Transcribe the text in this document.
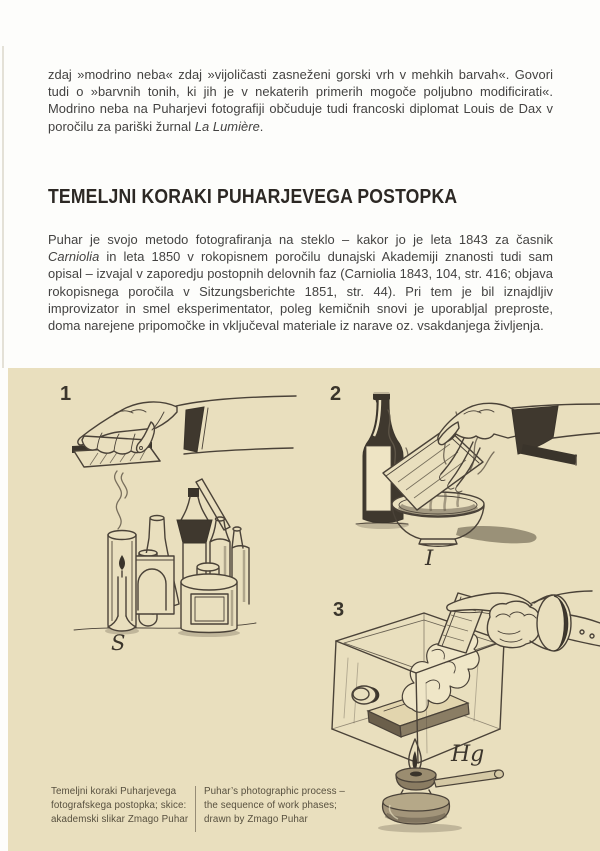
zdaj »modrino neba« zdaj »vijoličasti zasneženi gorski vrh v mehkih barvah«. Govori tudi o »barvnih tonih, ki jih je v nekaterih primerih mogoče poljubno modificirati«. Modrino neba na Puharjevi fotografiji občuduje tudi francoski diplomat Louis de Dax v poročilu za pariški žurnal La Lumière.

TEMELJNI KORAKI PUHARJEVEGA POSTOPKA

Puhar je svojo metodo fotografiranja na steklo – kakor jo je leta 1843 za časnik Carniolia in leta 1850 v rokopisnem poročilu dunajski Akademiji znanosti tudi sam opisal – izvajal v zaporedju postopnih delovnih faz (Carniolia 1843, 104, str. 416; objava rokopisnega poročila v Sitzungsberichte 1851, str. 44). Pri tem je bil iznajdljiv improvizator in smel eksperimentator, poleg kemičnih snovi je uporabljal preproste, doma narejene pripomočke in vključeval materiale iz narave oz. vsakdanjega življenja.

1	2
3
S
I
Hg
Temeljni koraki Puharjevega fotografskega postopka; skice: akademski slikar Zmago Puhar
Puhar’s photographic process – the sequence of work phases; drawn by Zmago Puhar
